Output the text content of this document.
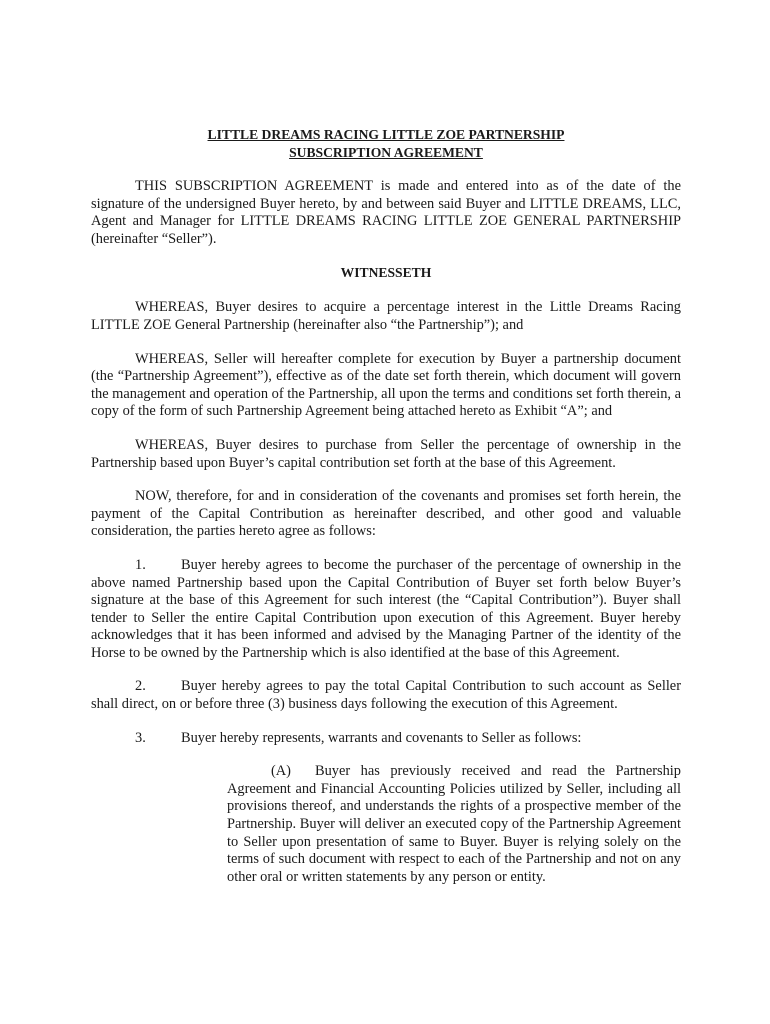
LITTLE DREAMS RACING LITTLE ZOE PARTNERSHIP

SUBSCRIPTION AGREEMENT

THIS SUBSCRIPTION AGREEMENT is made and entered into as of the date of the signature of the undersigned Buyer hereto, by and between said Buyer and LITTLE DREAMS, LLC, Agent and Manager for LITTLE DREAMS RACING LITTLE ZOE GENERAL PARTNERSHIP (hereinafter “Seller”).

WITNESSETH

WHEREAS, Buyer desires to acquire a percentage interest in the Little Dreams Racing LITTLE ZOE General Partnership (hereinafter also “the Partnership”); and

WHEREAS, Seller will hereafter complete for execution by Buyer a partnership document (the “Partnership Agreement”), effective as of the date set forth therein, which document will govern the management and operation of the Partnership, all upon the terms and conditions set forth therein, a copy of the form of such Partnership Agreement being attached hereto as Exhibit “A”; and

WHEREAS, Buyer desires to purchase from Seller the percentage of ownership in the Partnership based upon Buyer’s capital contribution set forth at the base of this Agreement.

NOW, therefore, for and in consideration of the covenants and promises set forth herein, the payment of the Capital Contribution as hereinafter described, and other good and valuable consideration, the parties hereto agree as follows:

1. Buyer hereby agrees to become the purchaser of the percentage of ownership in the above named Partnership based upon the Capital Contribution of Buyer set forth below Buyer’s signature at the base of this Agreement for such interest (the “Capital Contribution”). Buyer shall tender to Seller the entire Capital Contribution upon execution of this Agreement. Buyer hereby acknowledges that it has been informed and advised by the Managing Partner of the identity of the Horse to be owned by the Partnership which is also identified at the base of this Agreement.

2. Buyer hereby agrees to pay the total Capital Contribution to such account as Seller shall direct, on or before three (3) business days following the execution of this Agreement.

3. Buyer hereby represents, warrants and covenants to Seller as follows:

(A) Buyer has previously received and read the Partnership Agreement and Financial Accounting Policies utilized by Seller, including all provisions thereof, and understands the rights of a prospective member of the Partnership. Buyer will deliver an executed copy of the Partnership Agreement to Seller upon presentation of same to Buyer. Buyer is relying solely on the terms of such document with respect to each of the Partnership and not on any other oral or written statements by any person or entity.
